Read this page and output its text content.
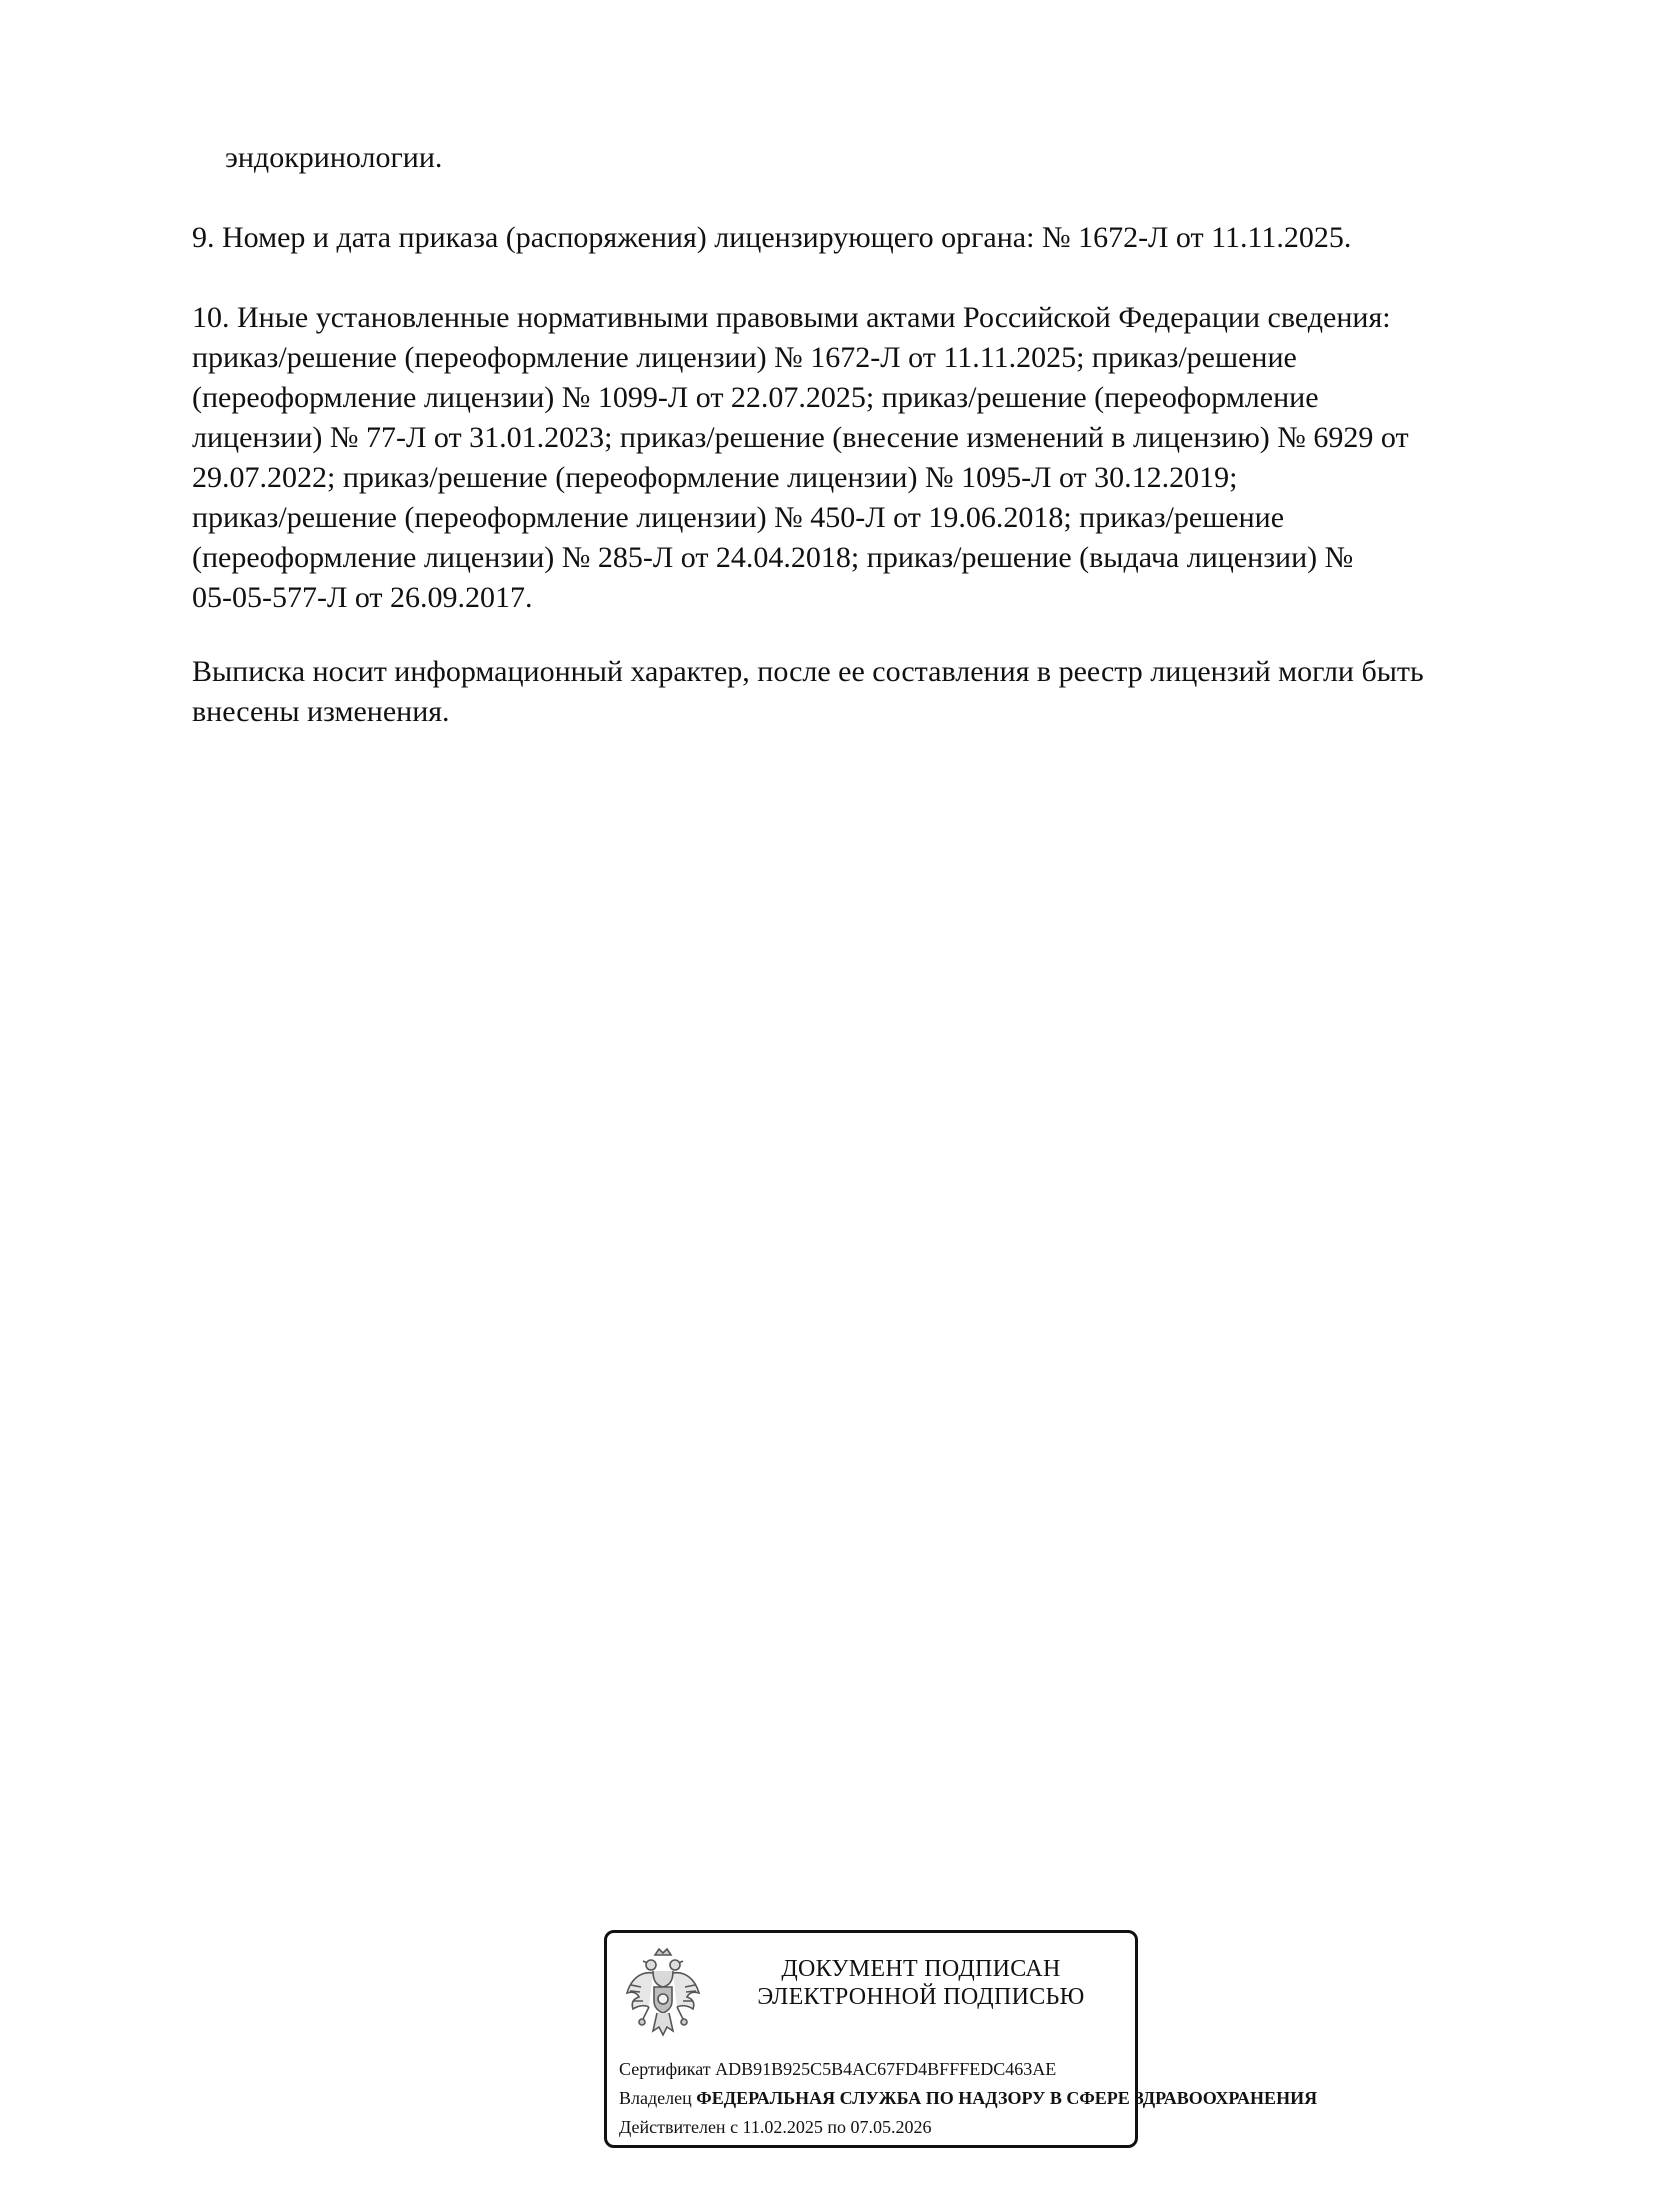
эндокринологии.

9. Номер и дата приказа (распоряжения) лицензирующего органа: № 1672-Л от 11.11.2025.

10. Иные установленные нормативными правовыми актами Российской Федерации сведения:
приказ/решение (переоформление лицензии) № 1672-Л от 11.11.2025; приказ/решение
(переоформление лицензии) № 1099-Л от 22.07.2025; приказ/решение (переоформление
лицензии) № 77-Л от 31.01.2023; приказ/решение (внесение изменений в лицензию) № 6929 от
29.07.2022; приказ/решение (переоформление лицензии) № 1095-Л от 30.12.2019;
приказ/решение (переоформление лицензии) № 450-Л от 19.06.2018; приказ/решение
(переоформление лицензии) № 285-Л от 24.04.2018; приказ/решение (выдача лицензии) №
05-05-577-Л от 26.09.2017.

Выписка носит информационный характер, после ее составления в реестр лицензий могли быть
внесены изменения.

ДОКУМЕНТ ПОДПИСАН
ЭЛЕКТРОННОЙ ПОДПИСЬЮ
Сертификат ADB91B925C5B4AC67FD4BFFFEDC463AE
Владелец ФЕДЕРАЛЬНАЯ СЛУЖБА ПО НАДЗОРУ В СФЕРЕ ЗДРАВООХРАНЕНИЯ
Действителен с 11.02.2025 по 07.05.2026
